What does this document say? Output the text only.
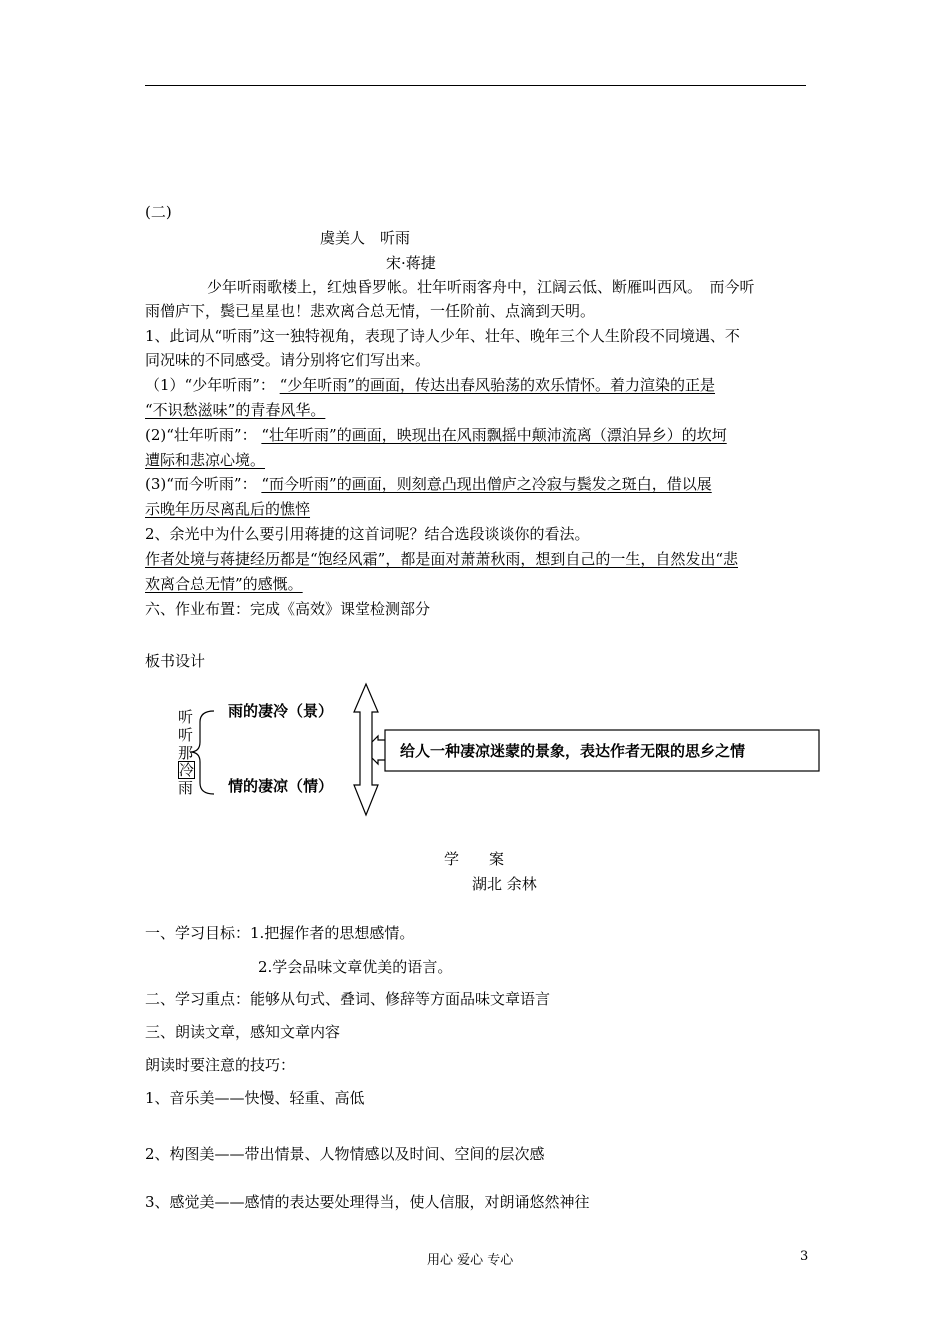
(二)
虞美人　听雨
宋·蒋捷
少年听雨歌楼上，红烛昏罗帐。壮年听雨客舟中，江阔云低、断雁叫西风。　而今听
雨僧庐下，鬓已星星也！悲欢离合总无情，一任阶前、点滴到天明。
1、此词从“听雨”这一独特视角，表现了诗人少年、壮年、晚年三个人生阶段不同境遇、不
同况味的不同感受。请分别将它们写出来。
（1）“少年听雨”： “少年听雨”的画面，传达出春风骀荡的欢乐情怀。着力渲染的正是
“不识愁滋味”的青春风华。
(2)“壮年听雨”： “壮年听雨”的画面，映现出在风雨飘摇中颠沛流离（漂泊异乡）的坎坷
遭际和悲凉心境。
(3)“而今听雨”： “而今听雨”的画面，则刻意凸现出僧庐之冷寂与鬓发之斑白，借以展
示晚年历尽离乱后的憔悴
2、余光中为什么要引用蒋捷的这首词呢？结合选段谈谈你的看法。
作者处境与蒋捷经历都是“饱经风霜”，都是面对萧萧秋雨，想到自己的一生，自然发出“悲
欢离合总无情”的感慨。
六、作业布置：完成《高效》课堂检测部分
板书设计
听
听
那
冷
雨
雨的凄冷（景）
情的凄凉（情）
给人一种凄凉迷蒙的景象，表达作者无限的思乡之情
学　　案
湖北 余林
一、学习目标：1.把握作者的思想感情。
2.学会品味文章优美的语言。
二、学习重点：能够从句式、叠词、修辞等方面品味文章语言
三、朗读文章，感知文章内容
朗读时要注意的技巧：
1、音乐美——快慢、轻重、高低
2、构图美——带出情景、人物情感以及时间、空间的层次感
3、感觉美——感情的表达要处理得当，使人信服，对朗诵悠然神往
用心 爱心 专心	3
